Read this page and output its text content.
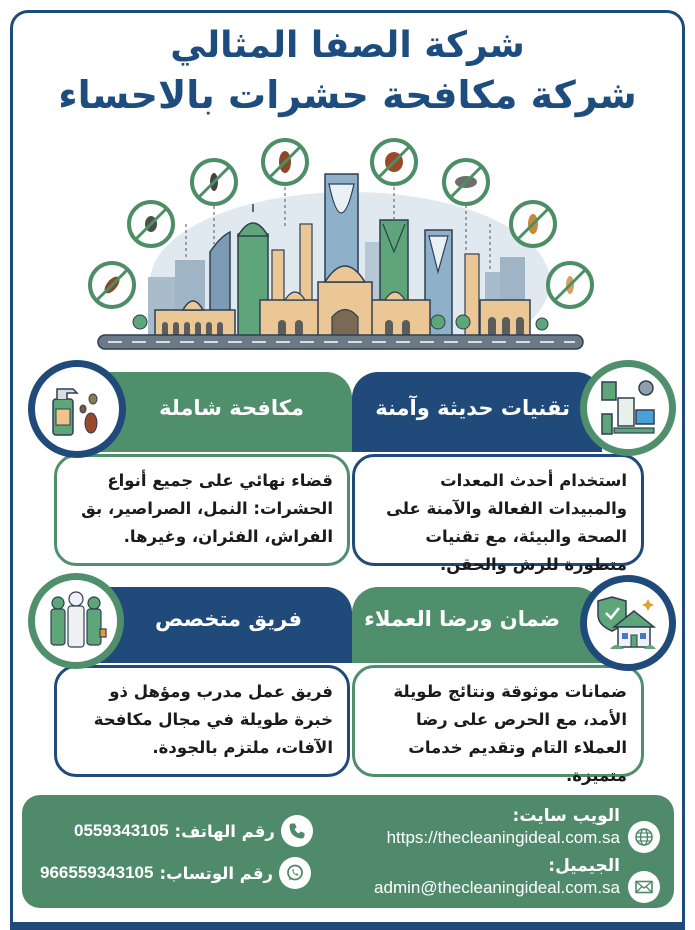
شركة الصفا المثالي
شركة مكافحة حشرات بالاحساء
تقنيات حديثة وآمنة
استخدام أحدث المعدات والمبيدات الفعالة والآمنة على الصحة والبيئة، مع تقنيات متطورة للرش والحقن.
مكافحة شاملة
قضاء نهائي على جميع أنواع الحشرات: النمل، الصراصير، بق الفراش، الفئران، وغيرها.
ضمان ورضا العملاء
ضمانات موثوقة ونتائج طويلة الأمد، مع الحرص على رضا العملاء التام وتقديم خدمات متميزة.
فريق متخصص
فريق عمل مدرب ومؤهل ذو خبرة طويلة في مجال مكافحة الآفات، ملتزم بالجودة.
الويب سايت:
https://thecleaningideal.com.sa
الجيميل:
admin@thecleaningideal.com.sa
رقم الهاتف:
0559343105
رقم الوتساب:
966559343105
